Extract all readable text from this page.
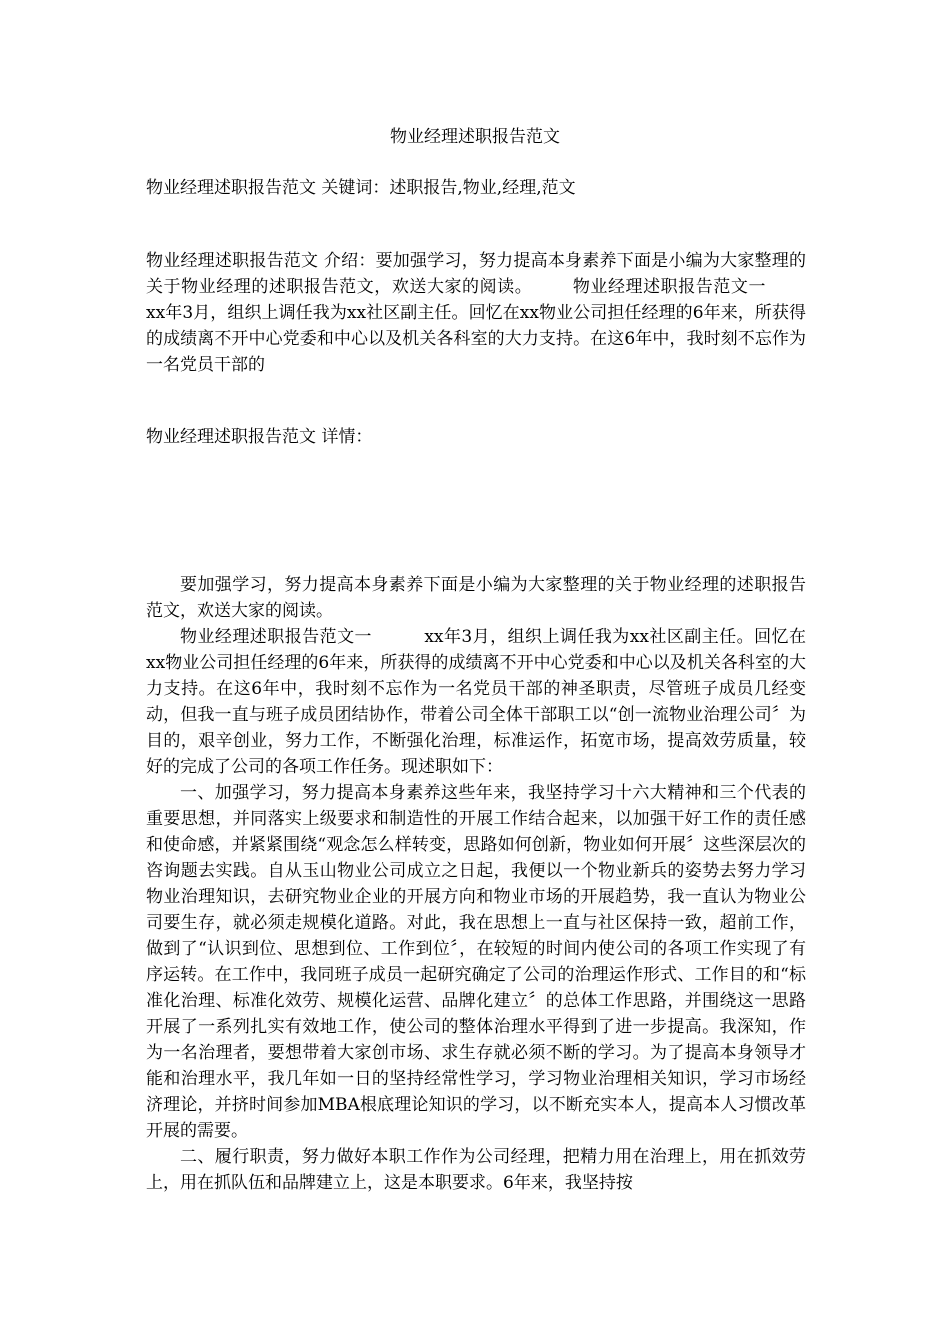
物业经理述职报告范文
物业经理述职报告范文 关键词：述职报告,物业,经理,范文
物业经理述职报告范文 介绍：要加强学习，努力提高本身素养下面是小编为大家整理的关于物业经理的述职报告范文，欢送大家的阅读。 物业经理述职报告范文一xx年3月，组织上调任我为xx社区副主任。回忆在xx物业公司担任经理的6年来，所获得的成绩离不开中心党委和中心以及机关各科室的大力支持。在这6年中，我时刻不忘作为一名党员干部的
物业经理述职报告范文 详情：

要加强学习，努力提高本身素养下面是小编为大家整理的关于物业经理的述职报告范文，欢送大家的阅读。

物业经理述职报告范文一　　　xx年3月，组织上调任我为xx社区副主任。回忆在xx物业公司担任经理的6年来，所获得的成绩离不开中心党委和中心以及机关各科室的大力支持。在这6年中，我时刻不忘作为一名党员干部的神圣职责，尽管班子成员几经变动，但我一直与班子成员团结协作，带着公司全体干部职工以“创一流物业治理公司〞为目的，艰辛创业，努力工作，不断强化治理，标准运作，拓宽市场，提高效劳质量，较好的完成了公司的各项工作任务。现述职如下：

一、加强学习，努力提高本身素养这些年来，我坚持学习十六大精神和三个代表的重要思想，并同落实上级要求和制造性的开展工作结合起来，以加强干好工作的责任感和使命感，并紧紧围绕“观念怎么样转变，思路如何创新，物业如何开展〞这些深层次的咨询题去实践。自从玉山物业公司成立之日起，我便以一个物业新兵的姿势去努力学习物业治理知识，去研究物业企业的开展方向和物业市场的开展趋势，我一直认为物业公司要生存，就必须走规模化道路。对此，我在思想上一直与社区保持一致，超前工作，做到了“认识到位、思想到位、工作到位〞，在较短的时间内使公司的各项工作实现了有序运转。在工作中，我同班子成员一起研究确定了公司的治理运作形式、工作目的和“标准化治理、标准化效劳、规模化运营、品牌化建立〞的总体工作思路，并围绕这一思路开展了一系列扎实有效地工作，使公司的整体治理水平得到了进一步提高。我深知，作为一名治理者，要想带着大家创市场、求生存就必须不断的学习。为了提高本身领导才能和治理水平，我几年如一日的坚持经常性学习，学习物业治理相关知识，学习市场经济理论，并挤时间参加MBA根底理论知识的学习，以不断充实本人，提高本人习惯改革开展的需要。

二、履行职责，努力做好本职工作作为公司经理，把精力用在治理上，用在抓效劳上，用在抓队伍和品牌建立上，这是本职要求。6年来，我坚持按
